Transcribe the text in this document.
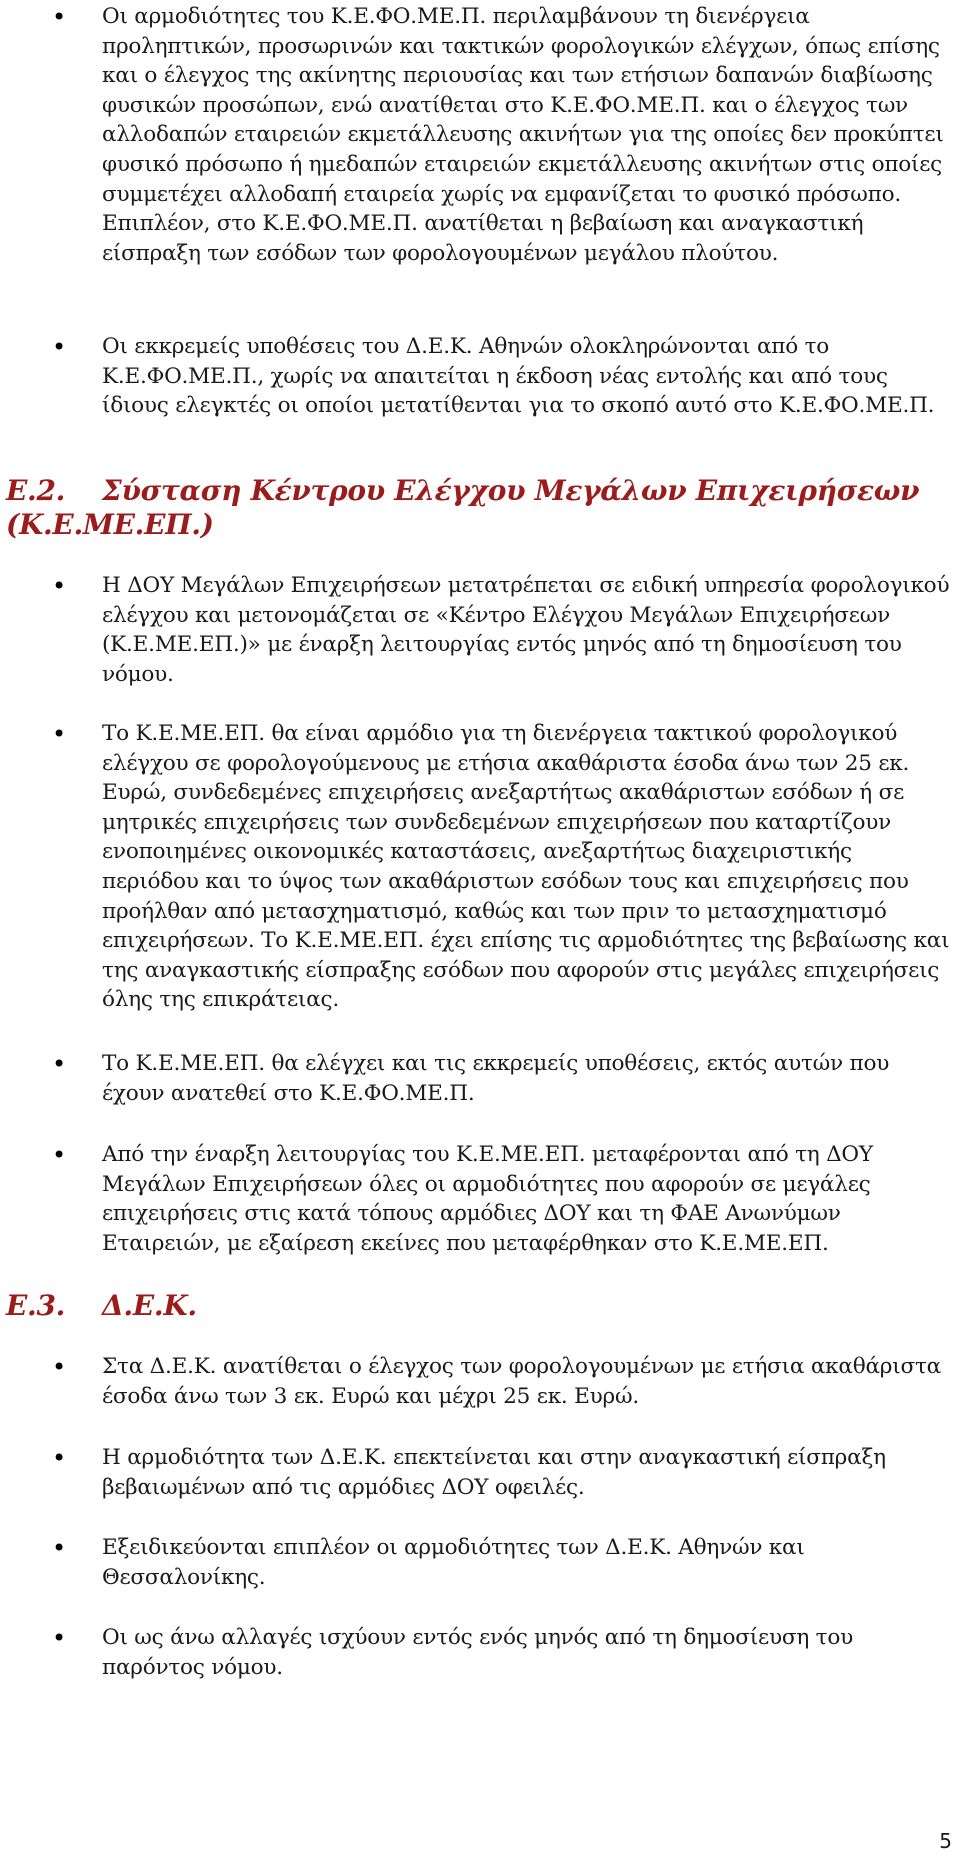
• Οι αρμοδιότητες του Κ.Ε.ΦΟ.ΜΕ.Π. περιλαμβάνουν τη διενέργεια προληπτικών, προσωρινών και τακτικών φορολογικών ελέγχων, όπως επίσης και ο έλεγχος της ακίνητης περιουσίας και των ετήσιων δαπανών διαβίωσης φυσικών προσώπων, ενώ ανατίθεται στο Κ.Ε.ΦΟ.ΜΕ.Π. και ο έλεγχος των αλλοδαπών εταιρειών εκμετάλλευσης ακινήτων για της οποίες δεν προκύπτει φυσικό πρόσωπο ή ημεδαπών εταιρειών εκμετάλλευσης ακινήτων στις οποίες συμμετέχει αλλοδαπή εταιρεία χωρίς να εμφανίζεται το φυσικό πρόσωπο. Επιπλέον, στο Κ.Ε.ΦΟ.ΜΕ.Π. ανατίθεται η βεβαίωση και αναγκαστική είσπραξη των εσόδων των φορολογουμένων μεγάλου πλούτου.
• Οι εκκρεμείς υποθέσεις του Δ.Ε.Κ. Αθηνών ολοκληρώνονται από το Κ.Ε.ΦΟ.ΜΕ.Π., χωρίς να απαιτείται η έκδοση νέας εντολής και από τους ίδιους ελεγκτές οι οποίοι μετατίθενται για το σκοπό αυτό στο Κ.Ε.ΦΟ.ΜΕ.Π.
Ε.2. Σύσταση Κέντρου Ελέγχου Μεγάλων Επιχειρήσεων (Κ.Ε.ΜΕ.ΕΠ.)
• Η ΔΟΥ Μεγάλων Επιχειρήσεων μετατρέπεται σε ειδική υπηρεσία φορολογικού ελέγχου και μετονομάζεται σε «Κέντρο Ελέγχου Μεγάλων Επιχειρήσεων (Κ.Ε.ΜΕ.ΕΠ.)» με έναρξη λειτουργίας εντός μηνός από τη δημοσίευση του νόμου.
• Το Κ.Ε.ΜΕ.ΕΠ. θα είναι αρμόδιο για τη διενέργεια τακτικού φορολογικού ελέγχου σε φορολογούμενους με ετήσια ακαθάριστα έσοδα άνω των 25 εκ. Ευρώ, συνδεδεμένες επιχειρήσεις ανεξαρτήτως ακαθάριστων εσόδων ή σε μητρικές επιχειρήσεις των συνδεδεμένων επιχειρήσεων που καταρτίζουν ενοποιημένες οικονομικές καταστάσεις, ανεξαρτήτως διαχειριστικής περιόδου και το ύψος των ακαθάριστων εσόδων τους και επιχειρήσεις που προήλθαν από μετασχηματισμό, καθώς και των πριν το μετασχηματισμό επιχειρήσεων. Το Κ.Ε.ΜΕ.ΕΠ. έχει επίσης τις αρμοδιότητες της βεβαίωσης και της αναγκαστικής είσπραξης εσόδων που αφορούν στις μεγάλες επιχειρήσεις όλης της επικράτειας.
• Το Κ.Ε.ΜΕ.ΕΠ. θα ελέγχει και τις εκκρεμείς υποθέσεις, εκτός αυτών που έχουν ανατεθεί στο Κ.Ε.ΦΟ.ΜΕ.Π.
• Από την έναρξη λειτουργίας του Κ.Ε.ΜΕ.ΕΠ. μεταφέρονται από τη ΔΟΥ Μεγάλων Επιχειρήσεων όλες οι αρμοδιότητες που αφορούν σε μεγάλες επιχειρήσεις στις κατά τόπους αρμόδιες ΔΟΥ και τη ΦΑΕ Ανωνύμων Εταιρειών, με εξαίρεση εκείνες που μεταφέρθηκαν στο Κ.Ε.ΜΕ.ΕΠ.
Ε.3. Δ.Ε.Κ.
• Στα Δ.Ε.Κ. ανατίθεται ο έλεγχος των φορολογουμένων με ετήσια ακαθάριστα έσοδα άνω των 3 εκ. Ευρώ και μέχρι 25 εκ. Ευρώ.
• Η αρμοδιότητα των Δ.Ε.Κ. επεκτείνεται και στην αναγκαστική είσπραξη βεβαιωμένων από τις αρμόδιες ΔΟΥ οφειλές.
• Εξειδικεύονται επιπλέον οι αρμοδιότητες των Δ.Ε.Κ. Αθηνών και Θεσσαλονίκης.
• Οι ως άνω αλλαγές ισχύουν εντός ενός μηνός από τη δημοσίευση του παρόντος νόμου.
5
